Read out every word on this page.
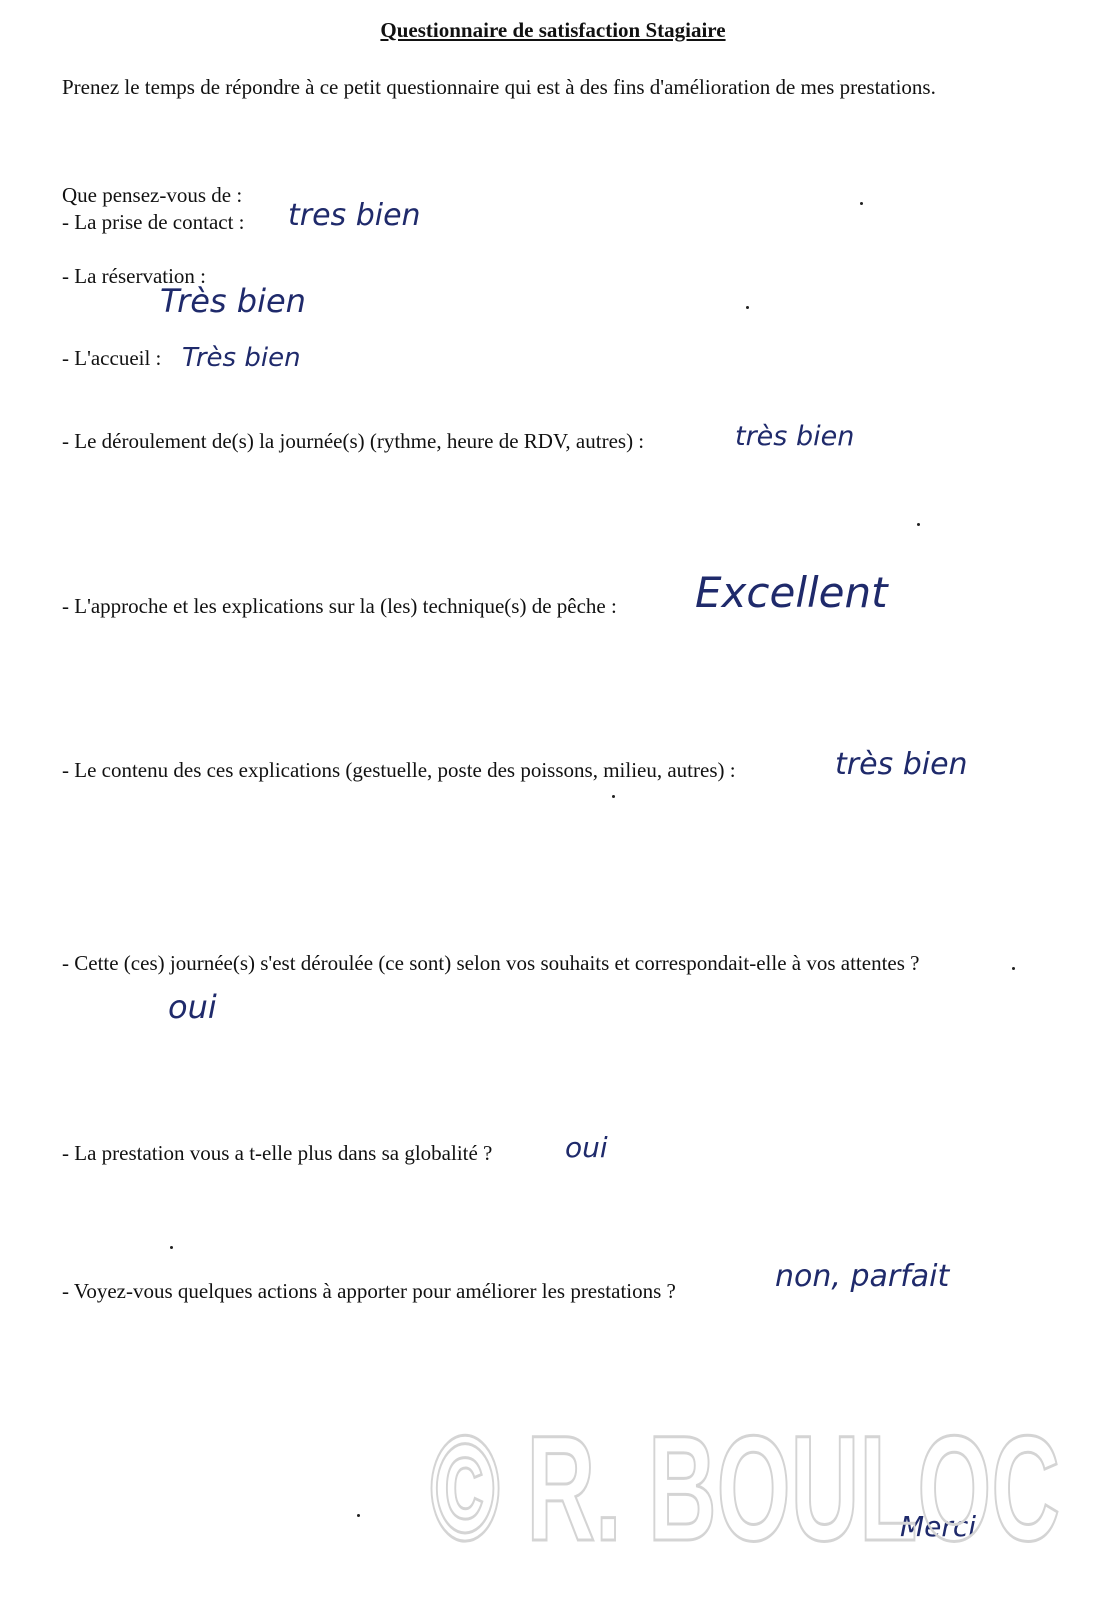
Questionnaire de satisfaction Stagiaire
Prenez le temps de répondre à ce petit questionnaire qui est à des fins d'amélioration de mes prestations.
Que pensez-vous de :
- La prise de contact : tres bien
- La réservation :
Très bien
- L'accueil : Très bien
- Le déroulement de(s) la journée(s) (rythme, heure de RDV, autres) :	très bien
- L'approche et les explications sur la (les) technique(s) de pêche : Excellent
- Le contenu des ces explications (gestuelle, poste des poissons, milieu, autres) :	très bien
- Cette (ces) journée(s) s'est déroulée (ce sont) selon vos souhaits et correspondait-elle à vos attentes ?
oui
- La prestation vous a t-elle plus dans sa globalité ?	oui
- Voyez-vous quelques actions à apporter pour améliorer les prestations ?	non, parfait
Merci
© R. BOULOC
